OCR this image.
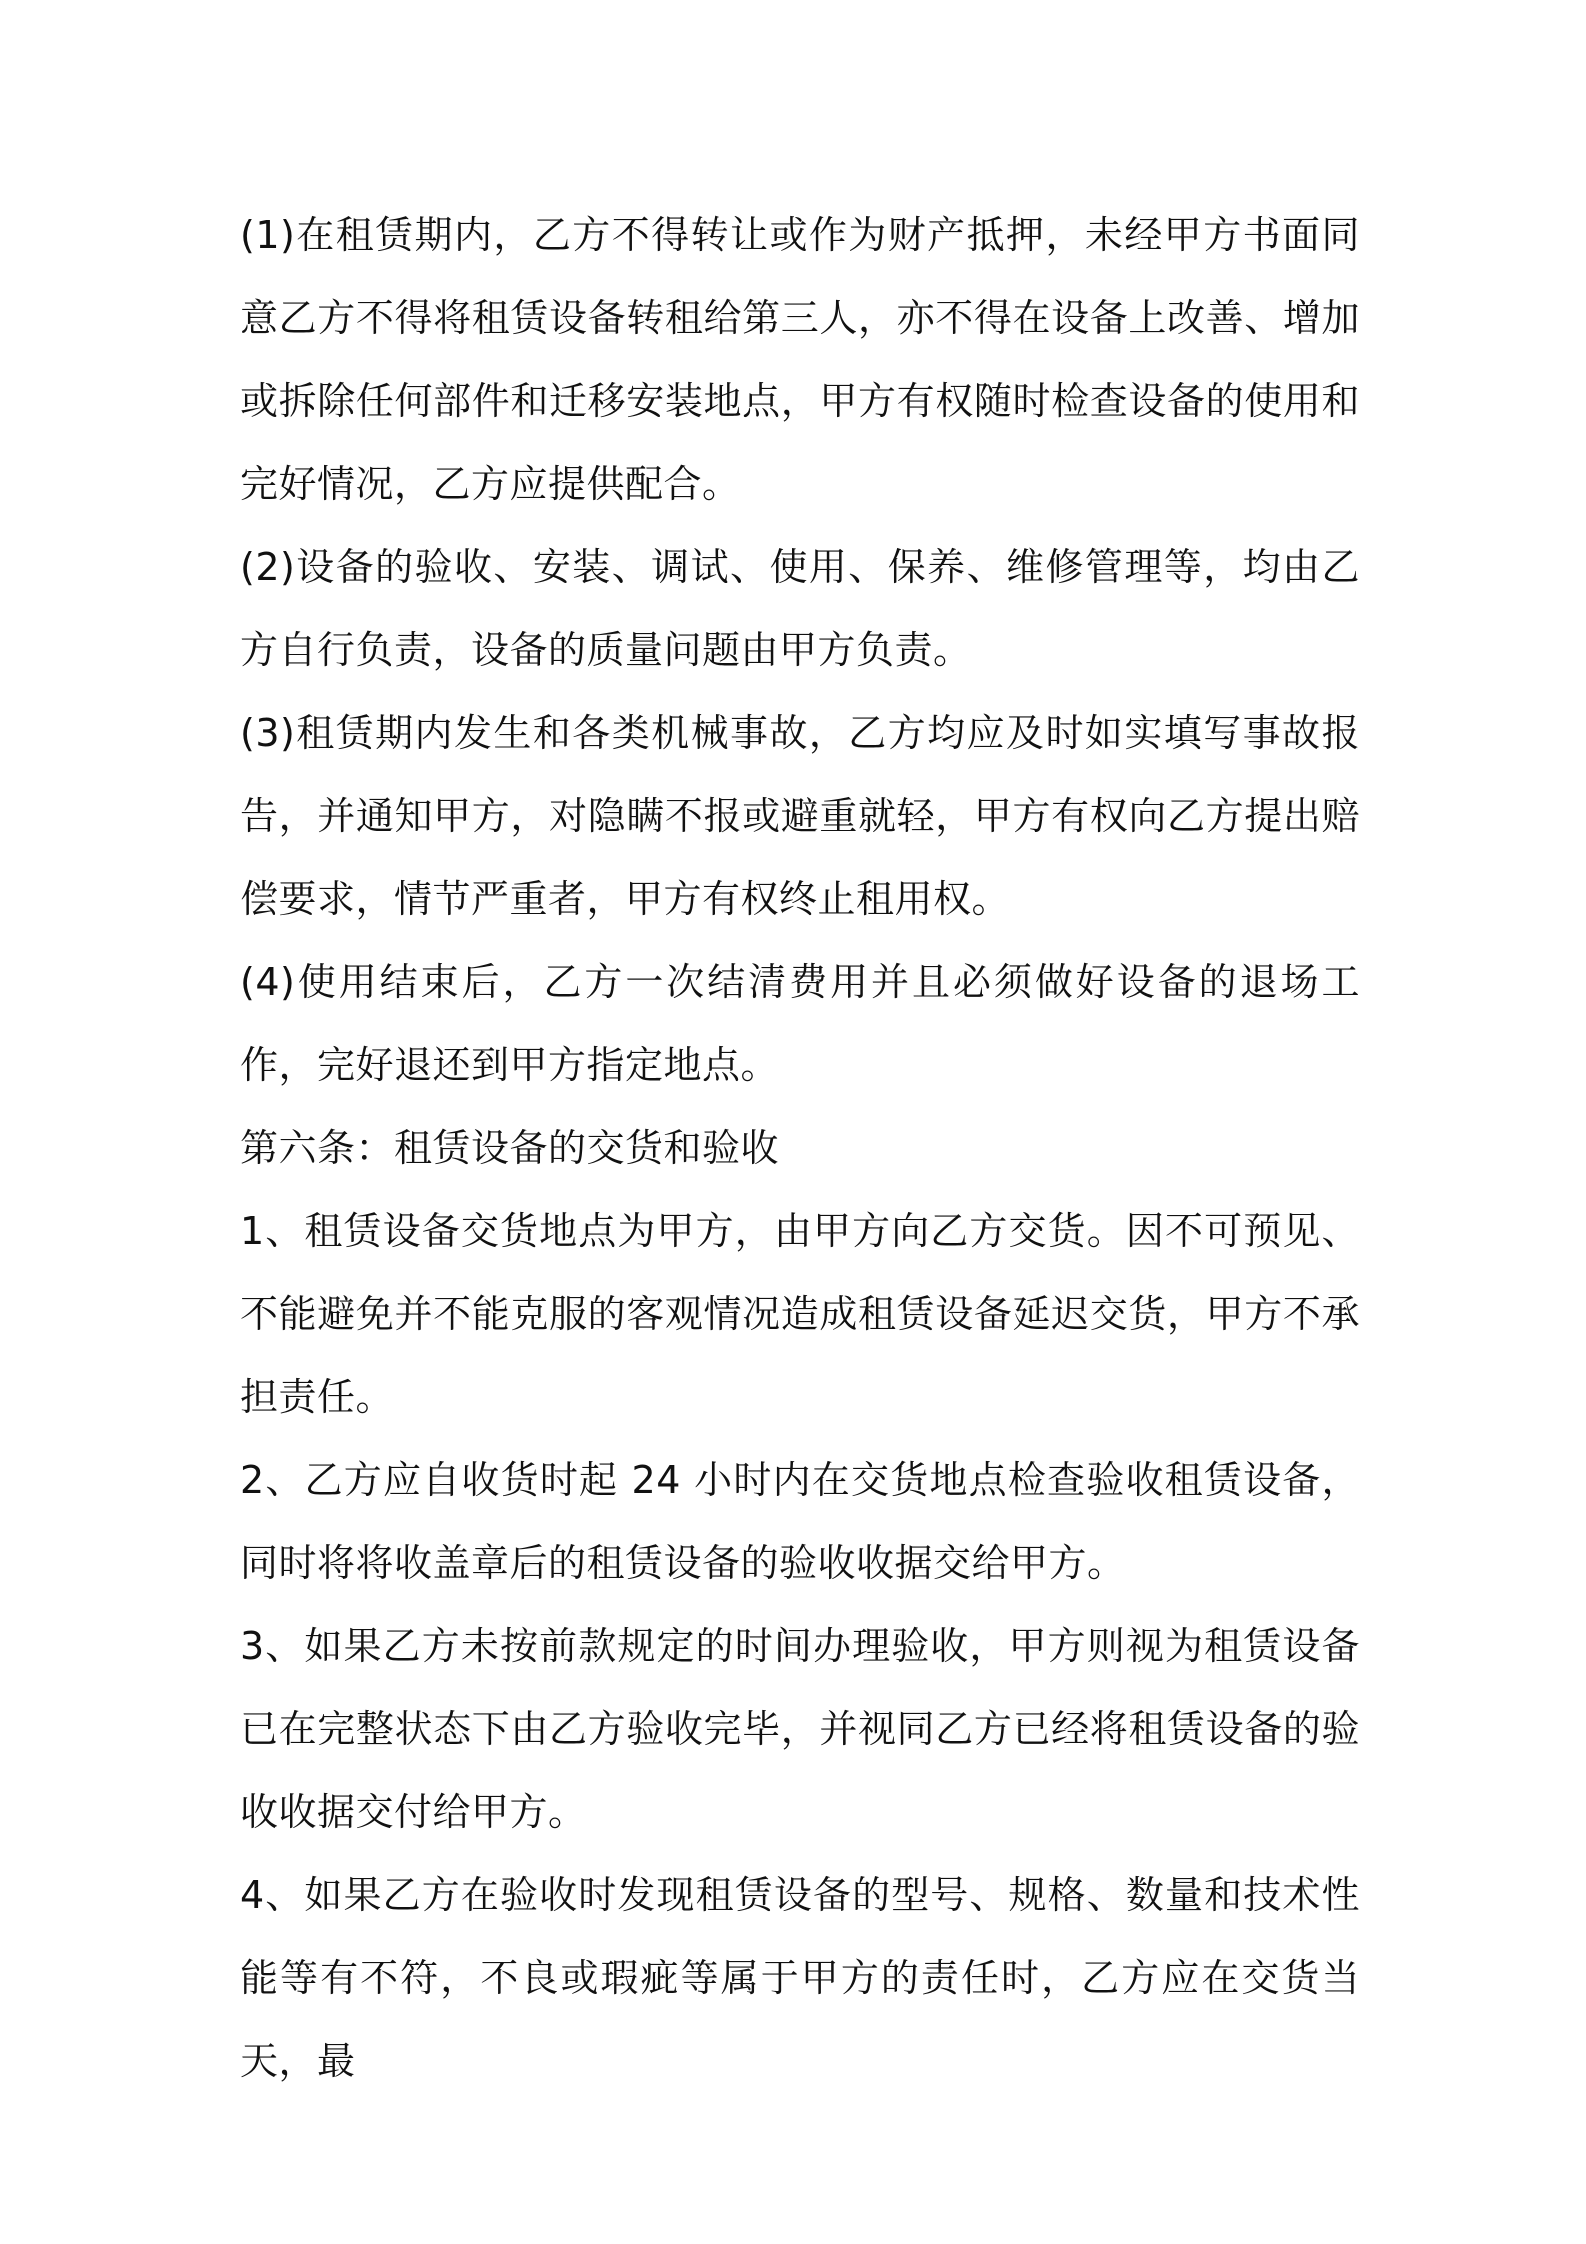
(1)在租赁期内，乙方不得转让或作为财产抵押，未经甲方书面同意乙方不得将租赁设备转租给第三人，亦不得在设备上改善、增加或拆除任何部件和迁移安装地点，甲方有权随时检查设备的使用和完好情况，乙方应提供配合。

(2)设备的验收、安装、调试、使用、保养、维修管理等，均由乙方自行负责，设备的质量问题由甲方负责。

(3)租赁期内发生和各类机械事故，乙方均应及时如实填写事故报告，并通知甲方，对隐瞒不报或避重就轻，甲方有权向乙方提出赔偿要求，情节严重者，甲方有权终止租用权。

(4)使用结束后，乙方一次结清费用并且必须做好设备的退场工作，完好退还到甲方指定地点。

第六条：租赁设备的交货和验收

1、租赁设备交货地点为甲方，由甲方向乙方交货。因不可预见、不能避免并不能克服的客观情况造成租赁设备延迟交货，甲方不承担责任。

2、乙方应自收货时起 24 小时内在交货地点检查验收租赁设备，同时将将收盖章后的租赁设备的验收收据交给甲方。

3、如果乙方未按前款规定的时间办理验收，甲方则视为租赁设备已在完整状态下由乙方验收完毕，并视同乙方已经将租赁设备的验收收据交付给甲方。

4、如果乙方在验收时发现租赁设备的型号、规格、数量和技术性能等有不符，不良或瑕疵等属于甲方的责任时，乙方应在交货当天，最
